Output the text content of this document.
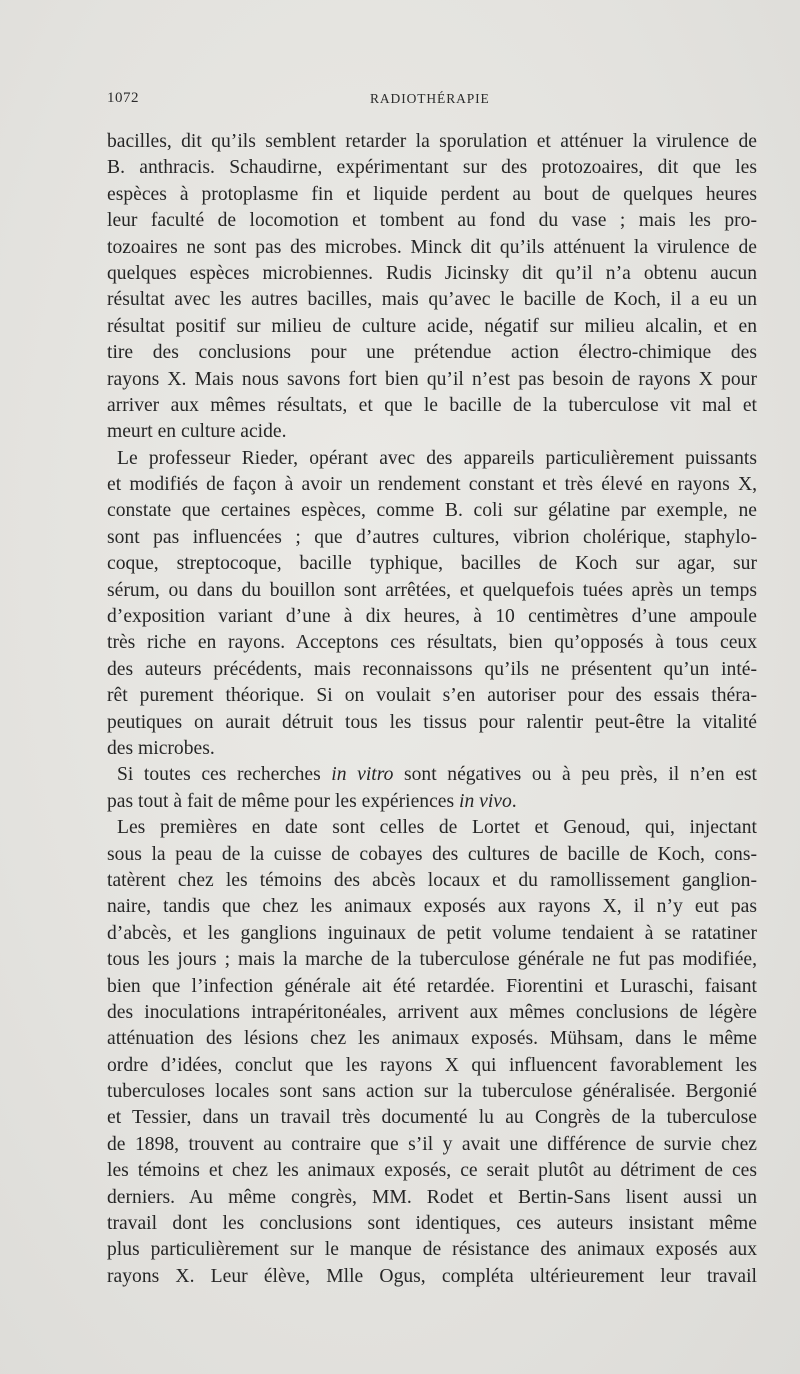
1072	RADIOTHÉRAPIE
bacilles, dit qu’ils semblent retarder la sporulation et atténuer la virulence de
B. anthracis. Schaudirne, expérimentant sur des protozoaires, dit que les
espèces à protoplasme fin et liquide perdent au bout de quelques heures
leur faculté de locomotion et tombent au fond du vase ; mais les pro-
tozoaires ne sont pas des microbes. Minck dit qu’ils atténuent la virulence de
quelques espèces microbiennes. Rudis Jicinsky dit qu’il n’a obtenu aucun
résultat avec les autres bacilles, mais qu’avec le bacille de Koch, il a eu un
résultat positif sur milieu de culture acide, négatif sur milieu alcalin, et en
tire des conclusions pour une prétendue action électro-chimique des
rayons X. Mais nous savons fort bien qu’il n’est pas besoin de rayons X pour
arriver aux mêmes résultats, et que le bacille de la tuberculose vit mal et
meurt en culture acide.
Le professeur Rieder, opérant avec des appareils particulièrement puissants
et modifiés de façon à avoir un rendement constant et très élevé en rayons X,
constate que certaines espèces, comme B. coli sur gélatine par exemple, ne
sont pas influencées ; que d’autres cultures, vibrion cholérique, staphylo-
coque, streptocoque, bacille typhique, bacilles de Koch sur agar, sur
sérum, ou dans du bouillon sont arrêtées, et quelquefois tuées après un temps
d’exposition variant d’une à dix heures, à 10 centimètres d’une ampoule
très riche en rayons. Acceptons ces résultats, bien qu’opposés à tous ceux
des auteurs précédents, mais reconnaissons qu’ils ne présentent qu’un inté-
rêt purement théorique. Si on voulait s’en autoriser pour des essais théra-
peutiques on aurait détruit tous les tissus pour ralentir peut-être la vitalité
des microbes.
Si toutes ces recherches in vitro sont négatives ou à peu près, il n’en est
pas tout à fait de même pour les expériences in vivo.
Les premières en date sont celles de Lortet et Genoud, qui, injectant
sous la peau de la cuisse de cobayes des cultures de bacille de Koch, cons-
tatèrent chez les témoins des abcès locaux et du ramollissement ganglion-
naire, tandis que chez les animaux exposés aux rayons X, il n’y eut pas
d’abcès, et les ganglions inguinaux de petit volume tendaient à se ratatiner
tous les jours ; mais la marche de la tuberculose générale ne fut pas modifiée,
bien que l’infection générale ait été retardée. Fiorentini et Luraschi, faisant
des inoculations intrapéritonéales, arrivent aux mêmes conclusions de légère
atténuation des lésions chez les animaux exposés. Mühsam, dans le même
ordre d’idées, conclut que les rayons X qui influencent favorablement les
tuberculoses locales sont sans action sur la tuberculose généralisée. Bergonié
et Tessier, dans un travail très documenté lu au Congrès de la tuberculose
de 1898, trouvent au contraire que s’il y avait une différence de survie chez
les témoins et chez les animaux exposés, ce serait plutôt au détriment de ces
derniers. Au même congrès, MM. Rodet et Bertin-Sans lisent aussi un
travail dont les conclusions sont identiques, ces auteurs insistant même
plus particulièrement sur le manque de résistance des animaux exposés aux
rayons X. Leur élève, Mlle Ogus, compléta ultérieurement leur travail
